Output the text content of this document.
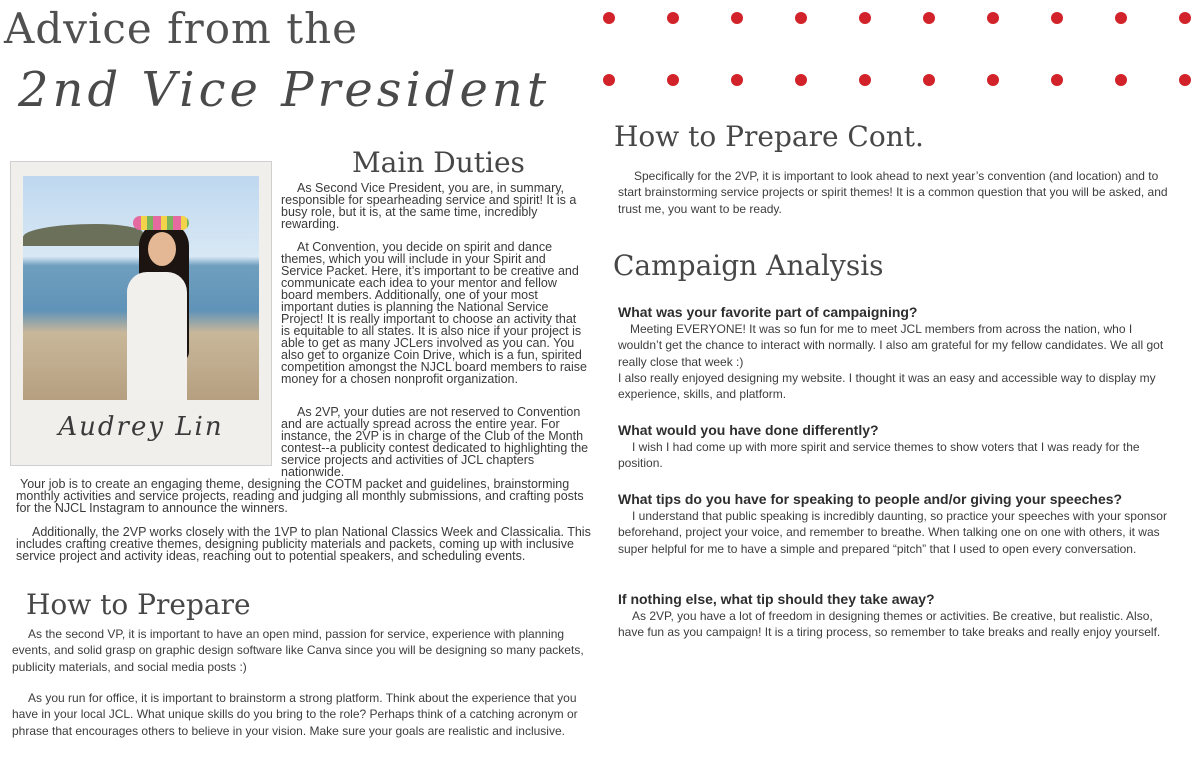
Advice from the
2nd Vice President
Audrey Lin
Main Duties

As Second Vice President, you are, in summary, responsible for spearheading service and spirit! It is a busy role, but it is, at the same time, incredibly rewarding.

At Convention, you decide on spirit and dance themes, which you will include in your Spirit and Service Packet. Here, it’s important to be creative and communicate each idea to your mentor and fellow board members. Additionally, one of your most important duties is planning the National Service Project! It is really important to choose an activity that is equitable to all states. It is also nice if your project is able to get as many JCLers involved as you can. You also get to organize Coin Drive, which is a fun, spirited competition amongst the NJCL board members to raise money for a chosen nonprofit organization.

As 2VP, your duties are not reserved to Convention and are actually spread across the entire year. For instance, the 2VP is in charge of the Club of the Month contest--a publicity contest dedicated to highlighting the service projects and activities of JCL chapters nationwide.

Your job is to create an engaging theme, designing the COTM packet and guidelines, brainstorming monthly activities and service projects, reading and judging all monthly submissions, and crafting posts for the NJCL Instagram to announce the winners.

Additionally, the 2VP works closely with the 1VP to plan National Classics Week and Classicalia. This includes crafting creative themes, designing publicity materials and packets, coming up with inclusive service project and activity ideas, reaching out to potential speakers, and scheduling events.

How to Prepare

As the second VP, it is important to have an open mind, passion for service, experience with planning events, and solid grasp on graphic design software like Canva since you will be designing so many packets, publicity materials, and social media posts :)

As you run for office, it is important to brainstorm a strong platform. Think about the experience that you have in your local JCL. What unique skills do you bring to the role? Perhaps think of a catching acronym or phrase that encourages others to believe in your vision. Make sure your goals are realistic and inclusive.

How to Prepare Cont.

Specifically for the 2VP, it is important to look ahead to next year’s convention (and location) and to start brainstorming service projects or spirit themes! It is a common question that you will be asked, and trust me, you want to be ready.

Campaign Analysis

What was your favorite part of campaigning?

Meeting EVERYONE! It was so fun for me to meet JCL members from across the nation, who I wouldn’t get the chance to interact with normally. I also am grateful for my fellow candidates. We all got really close that week :)

I also really enjoyed designing my website. I thought it was an easy and accessible way to display my experience, skills, and platform.

What would you have done differently?

I wish I had come up with more spirit and service themes to show voters that I was ready for the position.

What tips do you have for speaking to people and/or giving your speeches?

I understand that public speaking is incredibly daunting, so practice your speeches with your sponsor beforehand, project your voice, and remember to breathe. When talking one on one with others, it was super helpful for me to have a simple and prepared “pitch” that I used to open every conversation.

If nothing else, what tip should they take away?

As 2VP, you have a lot of freedom in designing themes or activities. Be creative, but realistic. Also, have fun as you campaign! It is a tiring process, so remember to take breaks and really enjoy yourself.
